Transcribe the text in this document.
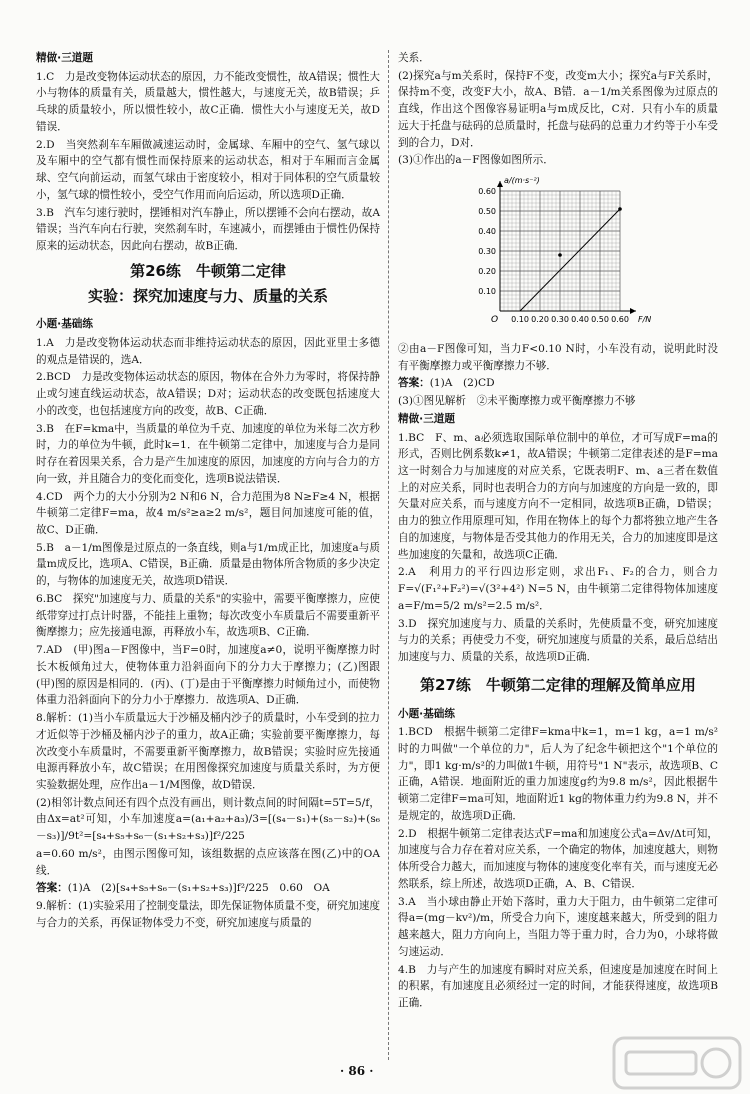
精做·三道题

1.C　力是改变物体运动状态的原因，力不能改变惯性，故A错误；惯性大小与物体的质量有关，质量越大，惯性越大，与速度无关，故B错误；乒乓球的质量较小，所以惯性较小，故C正确．惯性大小与速度无关，故D错误．

2.D　当突然刹车车厢做减速运动时，金属球、车厢中的空气、氢气球以及车厢中的空气都有惯性而保持原来的运动状态，相对于车厢而言金属球、空气向前运动，而氢气球由于密度较小，相对于同体积的空气质量较小，氢气球的惯性较小，受空气作用而向后运动，所以选项D正确．

3.B　汽车匀速行驶时，摆锤相对汽车静止，所以摆锤不会向右摆动，故A错误；当汽车向右行驶，突然刹车时，车速减小，而摆锤由于惯性仍保持原来的运动状态，因此向右摆动，故B正确．

第26练　牛顿第二定律
实验：探究加速度与力、质量的关系
小题·基础练

1.A　力是改变物体运动状态而非维持运动状态的原因，因此亚里士多德的观点是错误的，选A．

2.BCD　力是改变物体运动状态的原因，物体在合外力为零时，将保持静止或匀速直线运动状态，故A错误；D对；运动状态的改变既包括速度大小的改变，也包括速度方向的改变，故B、C正确．

3.B　在F=kma中，当质量的单位为千克、加速度的单位为米每二次方秒时，力的单位为牛顿，此时k=1．在牛顿第二定律中，加速度与合力是同时存在着因果关系，合力是产生加速度的原因，加速度的方向与合力的方向一致，并且随合力的变化而变化，选项B说法错误．

4.CD　两个力的大小分别为2 N和6 N，合力范围为8 N≥F≥4 N，根据牛顿第二定律F=ma，故4 m/s²≥a≥2 m/s²，题目问加速度可能的值，故C、D正确．

5.B　a－1/m图像是过原点的一条直线，则a与1/m成正比，加速度a与质量m成反比，选项A、C错误，B正确．质量是由物体所含物质的多少决定的，与物体的加速度无关，故选项D错误．

6.BC　探究"加速度与力、质量的关系"的实验中，需要平衡摩擦力，应使纸带穿过打点计时器，不能挂上重物；每次改变小车质量后不需要重新平衡摩擦力；应先接通电源，再释放小车，故选项B、C正确．

7.AD　(甲)图a－F图像中，当F=0时，加速度a≠0，说明平衡摩擦力时长木板倾角过大，使物体重力沿斜面向下的分力大于摩擦力；(乙)图跟(甲)图的原因是相同的．(丙)、(丁)是由于平衡摩擦力时倾角过小，而使物体重力沿斜面向下的分力小于摩擦力．故选项A、D正确．

8.解析：(1)当小车质量远大于沙桶及桶内沙子的质量时，小车受到的拉力才近似等于沙桶及桶内沙子的重力，故A正确；实验前要平衡摩擦力，每次改变小车质量时，不需要重新平衡摩擦力，故B错误；实验时应先接通电源再释放小车，故C错误；在用图像探究加速度与质量关系时，为方便实验数据处理，应作出a－1/M图像，故D错误．

(2)相邻计数点间还有四个点没有画出，则计数点间的时间隔t=5T=5/f，由Δx=at²可知，小车加速度a=(a₁+a₂+a₃)/3=[(s₄－s₁)+(s₅－s₂)+(s₆－s₃)]/9t²=[s₄+s₅+s₆－(s₁+s₂+s₃)]f²/225

a=0.60 m/s²，由图示图像可知，该组数据的点应该落在图(乙)中的OA线．

答案：(1)A　(2)[s₄+s₅+s₆－(s₁+s₂+s₃)]f²/225　0.60　OA

9.解析：(1)实验采用了控制变量法，即先保证物体质量不变，研究加速度与合力的关系，再保证物体受力不变，研究加速度与质量的

关系．

(2)探究a与m关系时，保持F不变，改变m大小；探究a与F关系时，保持m不变，改变F大小，故A、B错．a－1/m关系图像为过原点的直线，作出这个图像容易证明a与m成反比，C对．只有小车的质量远大于托盘与砝码的总质量时，托盘与砝码的总重力才约等于小车受到的合力，D对．

(3)①作出的a－F图像如图所示．

0.10 0.20 0.30 0.40 0.50 0.60
0.10
0.20
0.30
0.40
0.50
0.60
O	F/N
a/(m·s⁻²)

②由a－F图像可知，当力F<0.10 N时，小车没有动，说明此时没有平衡摩擦力或平衡摩擦力不够．

答案：(1)A　(2)CD

(3)①图见解析　②未平衡摩擦力或平衡摩擦力不够

精做·三道题

1.BC　F、m、a必须选取国际单位制中的单位，才可写成F=ma的形式，否则比例系数k≠1，故A错误；牛顿第二定律表述的是F=ma这一时刻合力与加速度的对应关系，它既表明F、m、a三者在数值上的对应关系，同时也表明合力的方向与加速度的方向是一致的，即矢量对应关系，而与速度方向不一定相同，故选项B正确，D错误；由力的独立作用原理可知，作用在物体上的每个力都将独立地产生各自的加速度，与物体是否受其他力的作用无关，合力的加速度即是这些加速度的矢量和，故选项C正确．

2.A　利用力的平行四边形定则，求出F₁、F₂的合力，则合力F=√(F₁²+F₂²)=√(3²+4²) N=5 N，由牛顿第二定律得物体加速度a=F/m=5/2 m/s²=2.5 m/s²．

3.D　探究加速度与力、质量的关系时，先使质量不变，研究加速度与力的关系；再使受力不变，研究加速度与质量的关系，最后总结出加速度与力、质量的关系，故选项D正确．

第27练　牛顿第二定律的理解及简单应用
小题·基础练

1.BCD　根据牛顿第二定律F=kma中k=1，m=1 kg，a=1 m/s²时的力叫做"一个单位的力"，后人为了纪念牛顿把这个"1个单位的力"，即1 kg·m/s²的力叫做1牛顿，用符号"1 N"表示，故选项B、C正确，A错误．地面附近的重力加速度g约为9.8 m/s²，因此根据牛顿第二定律F=ma可知，地面附近1 kg的物体重力约为9.8 N，并不是规定的，故选项D正确．

2.D　根据牛顿第二定律表达式F=ma和加速度公式a=Δv/Δt可知，加速度与合力存在着对应关系，一个确定的物体，加速度越大，则物体所受合力越大，而加速度与物体的速度变化率有关，而与速度无必然联系，综上所述，故选项D正确，A、B、C错误．

3.A　当小球由静止开始下落时，重力大于阻力，由牛顿第二定律可得a=(mg－kv²)/m，所受合力向下，速度越来越大，所受到的阻力越来越大，阻力方向向上，当阻力等于重力时，合力为0，小球将做匀速运动．

4.B　力与产生的加速度有瞬时对应关系，但速度是加速度在时间上的积累，有加速度且必须经过一定的时间，才能获得速度，故选项B正确．

· 86 ·
